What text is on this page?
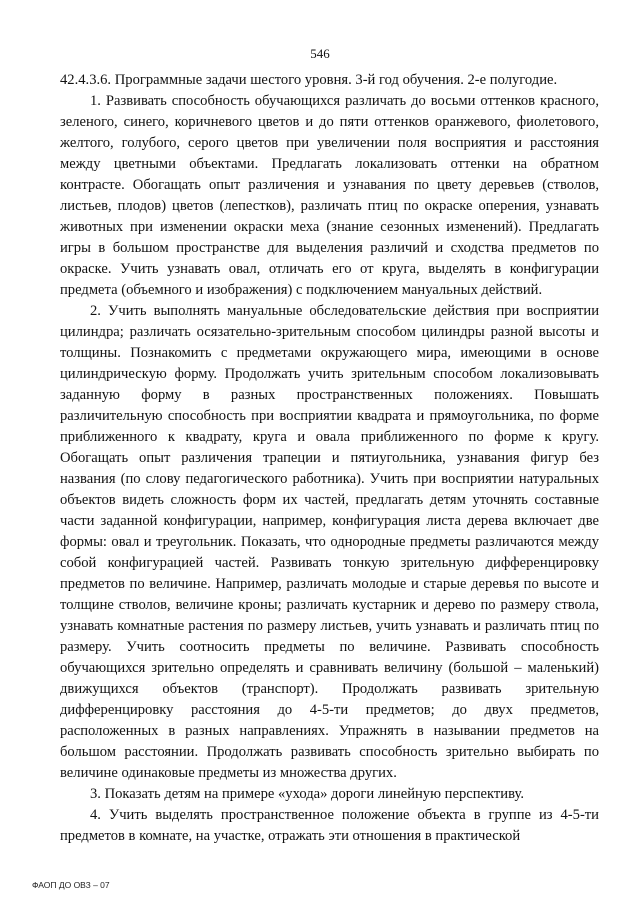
546

42.4.3.6. Программные задачи шестого уровня. 3-й год обучения. 2-е полугодие.

1. Развивать способность обучающихся различать до восьми оттенков красного, зеленого, синего, коричневого цветов и до пяти оттенков оранжевого, фиолетового, желтого, голубого, серого цветов при увеличении поля восприятия и расстояния между цветными объектами. Предлагать локализовать оттенки на обратном контрасте. Обогащать опыт различения и узнавания по цвету деревьев (стволов, листьев, плодов) цветов (лепестков), различать птиц по окраске оперения, узнавать животных при изменении окраски меха (знание сезонных изменений). Предлагать игры в большом пространстве для выделения различий и сходства предметов по окраске. Учить узнавать овал, отличать его от круга, выделять в конфигурации предмета (объемного и изображения) с подключением мануальных действий.

2. Учить выполнять мануальные обследовательские действия при восприятии цилиндра; различать осязательно-зрительным способом цилиндры разной высоты и толщины. Познакомить с предметами окружающего мира, имеющими в основе цилиндрическую форму. Продолжать учить зрительным способом локализовывать заданную форму в разных пространственных положениях. Повышать различительную способность при восприятии квадрата и прямоугольника, по форме приближенного к квадрату, круга и овала приближенного по форме к кругу. Обогащать опыт различения трапеции и пятиугольника, узнавания фигур без названия (по слову педагогического работника). Учить при восприятии натуральных объектов видеть сложность форм их частей, предлагать детям уточнять составные части заданной конфигурации, например, конфигурация листа дерева включает две формы: овал и треугольник. Показать, что однородные предметы различаются между собой конфигурацией частей. Развивать тонкую зрительную дифференцировку предметов по величине. Например, различать молодые и старые деревья по высоте и толщине стволов, величине кроны; различать кустарник и дерево по размеру ствола, узнавать комнатные растения по размеру листьев, учить узнавать и различать птиц по размеру. Учить соотносить предметы по величине. Развивать способность обучающихся зрительно определять и сравнивать величину (большой – маленький) движущихся объектов (транспорт). Продолжать развивать зрительную дифференцировку расстояния до 4-5-ти предметов; до двух предметов, расположенных в разных направлениях. Упражнять в назывании предметов на большом расстоянии. Продолжать развивать способность зрительно выбирать по величине одинаковые предметы из множества других.

3. Показать детям на примере «ухода» дороги линейную перспективу.

4. Учить выделять пространственное положение объекта в группе из 4-5-ти предметов в комнате, на участке, отражать эти отношения в практической

ФАОП ДО ОВЗ – 07
